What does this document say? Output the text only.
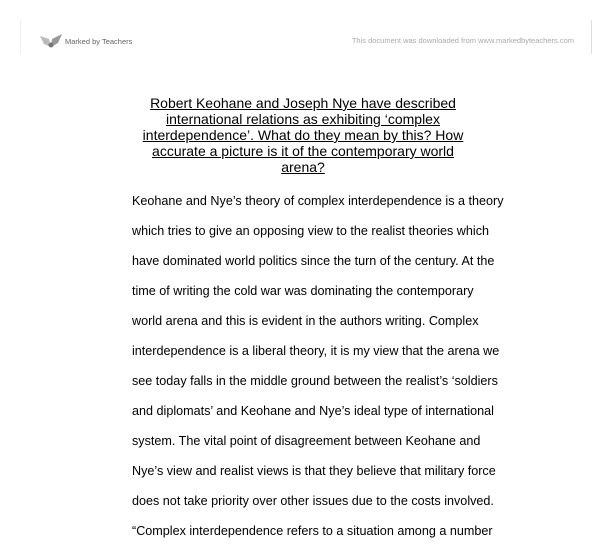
Marked by Teachers	This document was downloaded from www.markedbyteachers.com
Robert Keohane and Joseph Nye have described
international relations as exhibiting ‘complex
interdependence’. What do they mean by this? How
accurate a picture is it of the contemporary world arena?
Keohane and Nye’s theory of complex interdependence is a theory
which tries to give an opposing view to the realist theories which
have dominated world politics since the turn of the century. At the
time of writing the cold war was dominating the contemporary
world arena and this is evident in the authors writing. Complex
interdependence is a liberal theory, it is my view that the arena we
see today falls in the middle ground between the realist’s ‘soldiers
and diplomats’ and Keohane and Nye’s ideal type of international
system. The vital point of disagreement between Keohane and
Nye’s view and realist views is that they believe that military force
does not take priority over other issues due to the costs involved.
“Complex interdependence refers to a situation among a number
